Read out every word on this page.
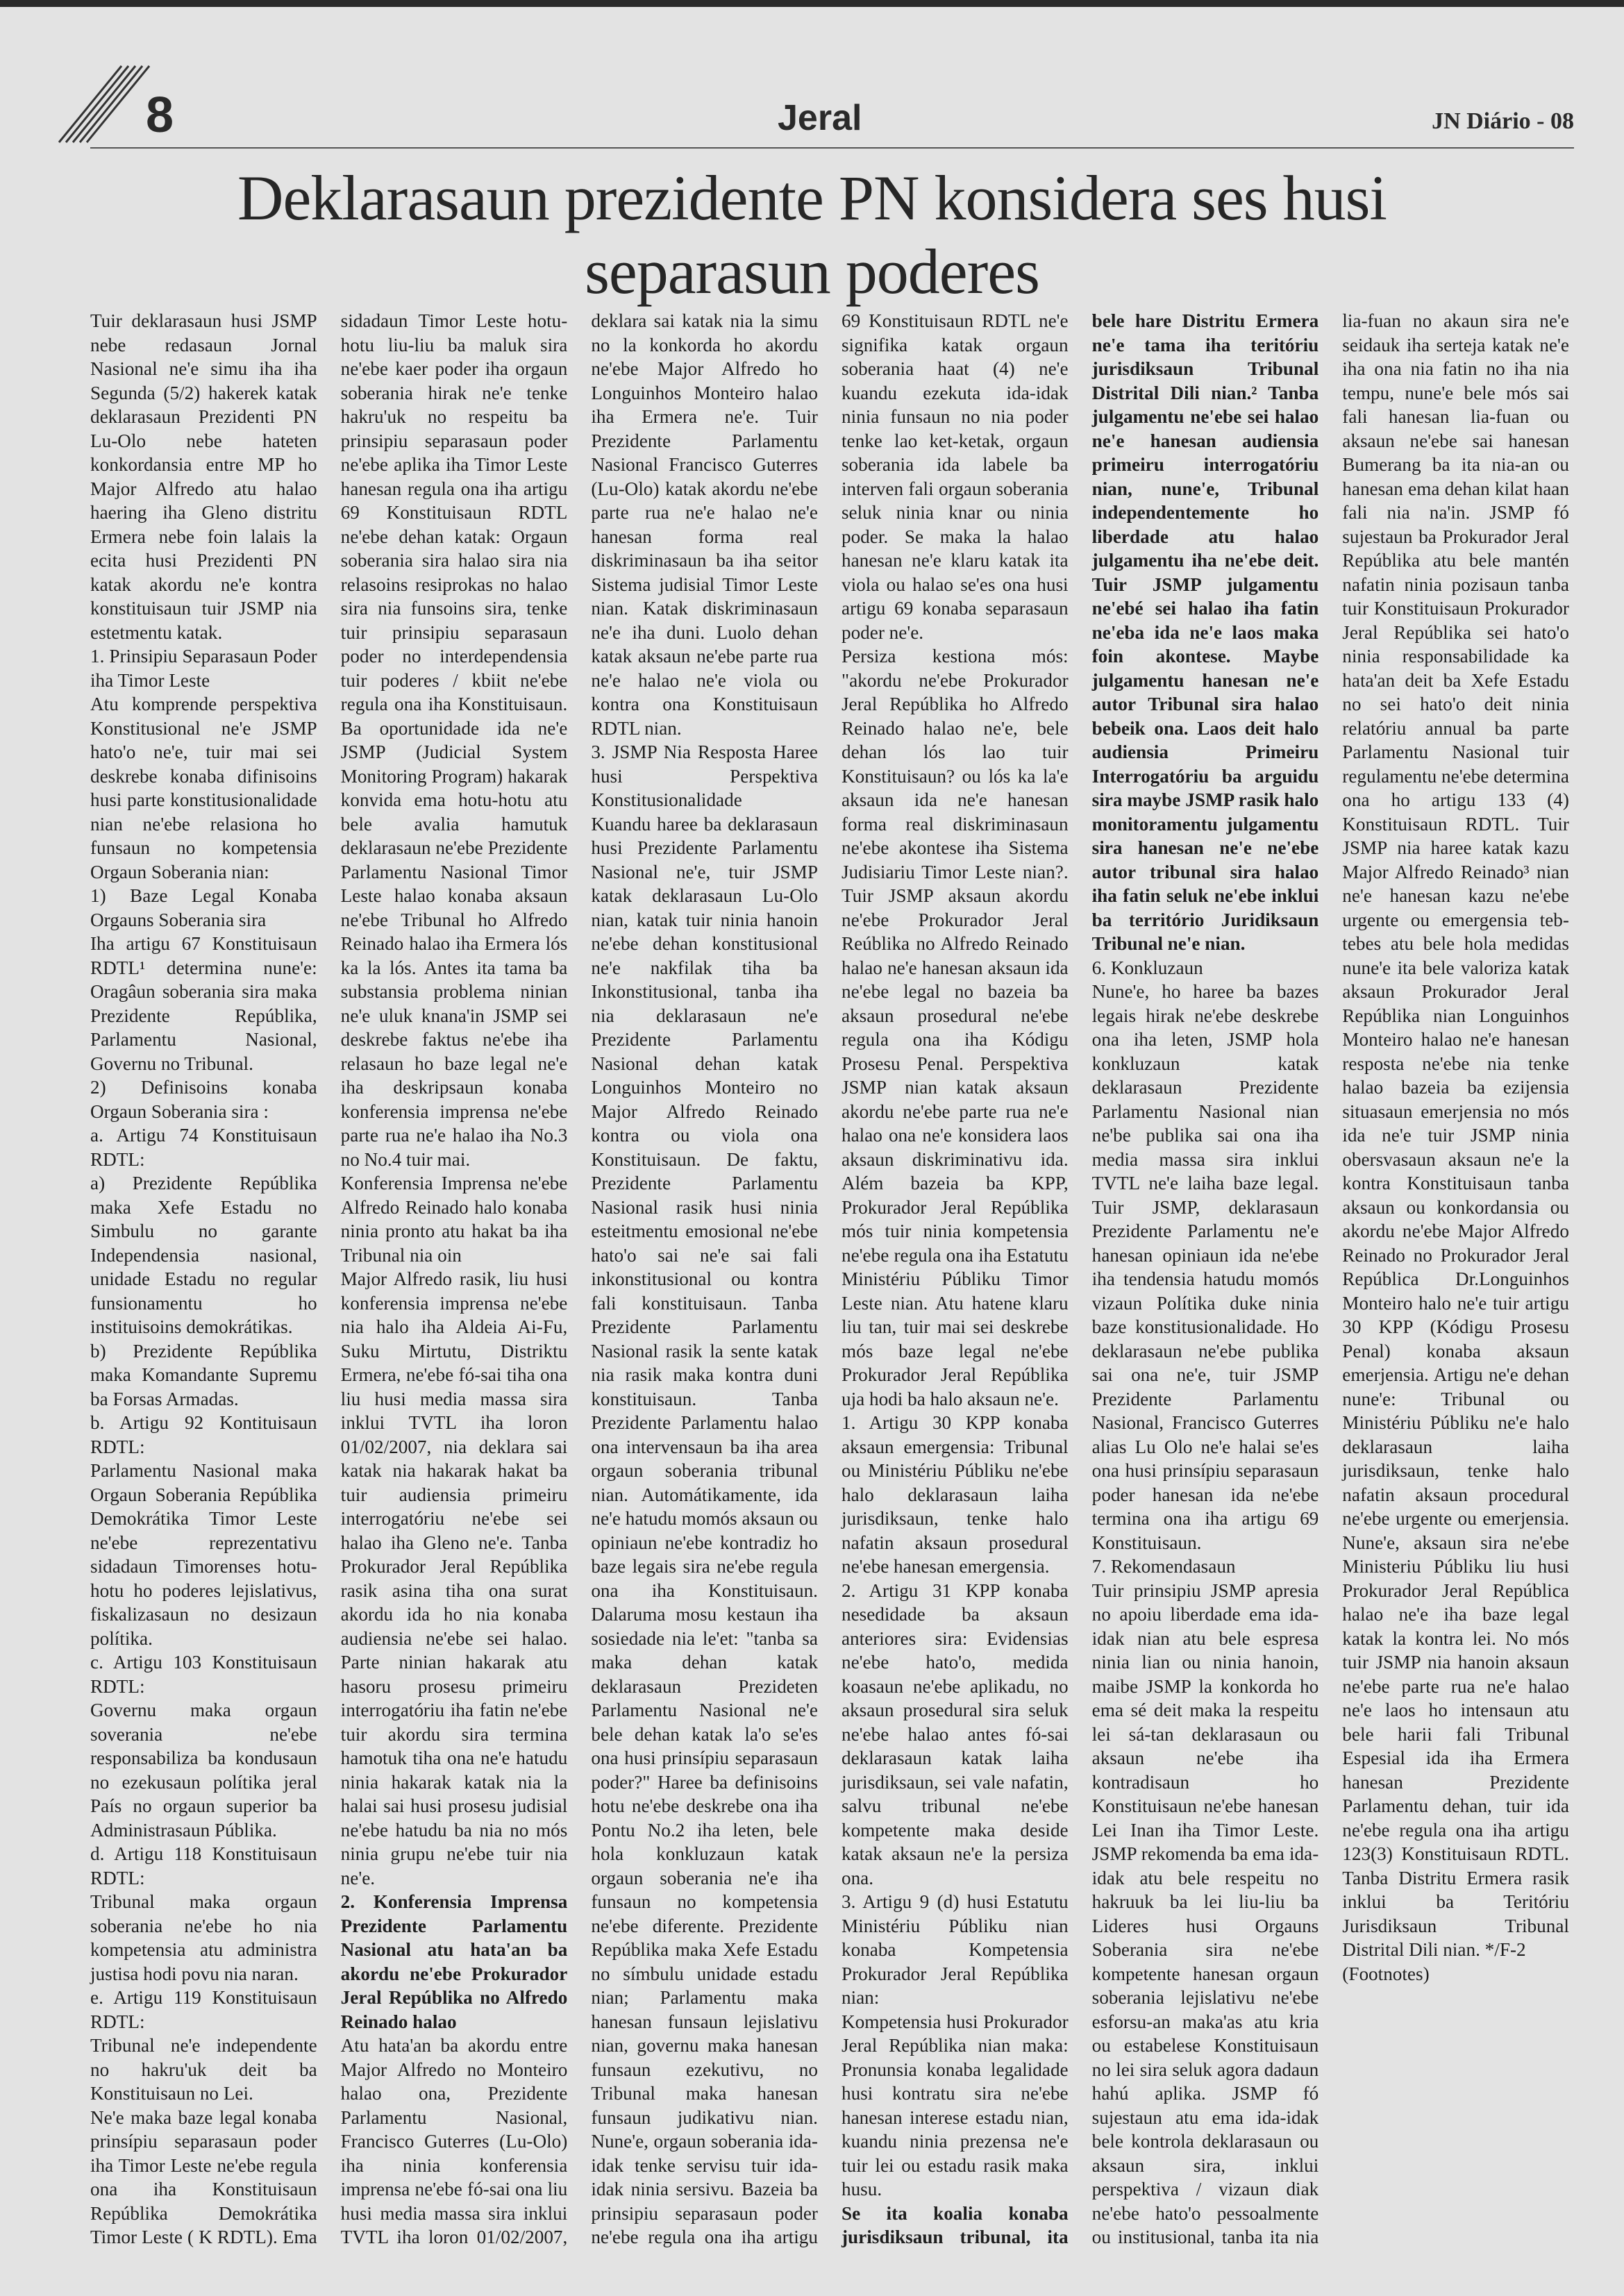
8	Jeral	JN Diário - 08
Deklarasaun prezidente PN konsidera ses husi separasun poderes

Tuir deklarasaun husi JSMP nebe redasaun Jornal Nasional ne'e simu iha iha Segunda (5/2) hakerek katak deklarasaun Prezidenti PN Lu-Olo nebe hateten konkordansia entre MP ho Major Alfredo atu halao haering iha Gleno distritu Ermera nebe foin lalais la ecita husi Prezidenti PN katak akordu ne'e kontra konstituisaun tuir JSMP nia estetmentu katak.

1. Prinsipiu Separasaun Poder iha Timor Leste

Atu komprende perspektiva Konstitusional ne'e JSMP hato'o ne'e, tuir mai sei deskrebe konaba difinisoins husi parte konstitusionalidade nian ne'ebe relasiona ho funsaun no kompetensia Orgaun Soberania nian:

1) Baze Legal Konaba Orgauns Soberania sira

Iha artigu 67 Konstituisaun RDTL¹ determina nune'e: Oragâun soberania sira maka Prezidente Repúblika, Parlamentu Nasional, Governu no Tribunal.

2) Definisoins konaba Orgaun Soberania sira :

a. Artigu 74 Konstituisaun RDTL:

a) Prezidente Repúblika maka Xefe Estadu no Simbulu no garante Independensia nasional, unidade Estadu no regular funsionamentu ho instituisoins demokrátikas.

b) Prezidente Repúblika maka Komandante Supremu ba Forsas Armadas.

b. Artigu 92 Kontituisaun RDTL:

Parlamentu Nasional maka Orgaun Soberania Repúblika Demokrátika Timor Leste ne'ebe reprezentativu sidadaun Timorenses hotu-hotu ho poderes lejislativus, fiskalizasaun no desizaun polítika.

c. Artigu 103 Konstituisaun RDTL:

Governu maka orgaun soverania ne'ebe responsabiliza ba kondusaun no ezekusaun polítika jeral País no orgaun superior ba Administrasaun Públika.

d. Artigu 118 Konstituisaun RDTL:

Tribunal maka orgaun soberania ne'ebe ho nia kompetensia atu administra justisa hodi povu nia naran.

e. Artigu 119 Konstituisaun RDTL:

Tribunal ne'e independente no hakru'uk deit ba Konstituisaun no Lei.

Ne'e maka baze legal konaba prinsípiu separasaun poder iha Timor Leste ne'ebe regula ona iha Konstituisaun Repúblika Demokrátika Timor Leste ( K RDTL). Ema sidadaun Timor Leste hotu-hotu liu-liu ba maluk sira ne'ebe kaer poder iha orgaun soberania hirak ne'e tenke hakru'uk no respeitu ba prinsipiu separasaun poder ne'ebe aplika iha Timor Leste hanesan regula ona iha artigu 69 Konstituisaun RDTL ne'ebe dehan katak: Orgaun soberania sira halao sira nia relasoins resiprokas no halao sira nia funsoins sira, tenke tuir prinsipiu separasaun poder no interdependensia tuir poderes / kbiit ne'ebe regula ona iha Konstituisaun. Ba oportunidade ida ne'e JSMP (Judicial System Monitoring Program) hakarak konvida ema hotu-hotu atu bele avalia hamutuk deklarasaun ne'ebe Prezidente Parlamentu Nasional Timor Leste halao konaba aksaun ne'ebe Tribunal ho Alfredo Reinado halao iha Ermera lós ka la lós. Antes ita tama ba substansia problema ninian ne'e uluk knana'in JSMP sei deskrebe faktus ne'ebe iha relasaun ho baze legal ne'e iha deskripsaun konaba konferensia imprensa ne'ebe parte rua ne'e halao iha No.3 no No.4 tuir mai.

Konferensia Imprensa ne'ebe Alfredo Reinado halo konaba ninia pronto atu hakat ba iha Tribunal nia oin

Major Alfredo rasik, liu husi konferensia imprensa ne'ebe nia halo iha Aldeia Ai-Fu, Suku Mirtutu, Distriktu Ermera, ne'ebe fó-sai tiha ona liu husi media massa sira inklui TVTL iha loron 01/02/2007, nia deklara sai katak nia hakarak hakat ba tuir audiensia primeiru interrogatóriu ne'ebe sei halao iha Gleno ne'e. Tanba Prokurador Jeral Repúblika rasik asina tiha ona surat akordu ida ho nia konaba audiensia ne'ebe sei halao. Parte ninian hakarak atu hasoru prosesu primeiru interrogatóriu iha fatin ne'ebe tuir akordu sira termina hamotuk tiha ona ne'e hatudu ninia hakarak katak nia la halai sai husi prosesu judisial ne'ebe hatudu ba nia no mós ninia grupu ne'ebe tuir nia ne'e.

2. Konferensia Imprensa Prezidente Parlamentu Nasional atu hata'an ba akordu ne'ebe Prokurador Jeral Repúblika no Alfredo Reinado halao

Atu hata'an ba akordu entre Major Alfredo no Monteiro halao ona, Prezidente Parlamentu Nasional, Francisco Guterres (Lu-Olo) iha ninia konferensia imprensa ne'ebe fó-sai ona liu husi media massa sira inklui TVTL iha loron 01/02/2007, deklara sai katak nia la simu no la konkorda ho akordu ne'ebe Major Alfredo ho Longuinhos Monteiro halao iha Ermera ne'e. Tuir Prezidente Parlamentu Nasional Francisco Guterres (Lu-Olo) katak akordu ne'ebe parte rua ne'e halao ne'e hanesan forma real diskriminasaun ba iha seitor Sistema judisial Timor Leste nian. Katak diskriminasaun ne'e iha duni. Luolo dehan katak aksaun ne'ebe parte rua ne'e halao ne'e viola ou kontra ona Konstituisaun RDTL nian.

3. JSMP Nia Resposta Haree husi Perspektiva Konstitusionalidade

Kuandu haree ba deklarasaun husi Prezidente Parlamentu Nasional ne'e, tuir JSMP katak deklarasaun Lu-Olo nian, katak tuir ninia hanoin ne'ebe dehan konstitusional ne'e nakfilak tiha ba Inkonstitusional, tanba iha nia deklarasaun ne'e Prezidente Parlamentu Nasional dehan katak Longuinhos Monteiro no Major Alfredo Reinado kontra ou viola ona Konstituisaun. De faktu, Prezidente Parlamentu Nasional rasik husi ninia esteitmentu emosional ne'ebe hato'o sai ne'e sai fali inkonstitusional ou kontra fali konstituisaun. Tanba Prezidente Parlamentu Nasional rasik la sente katak nia rasik maka kontra duni konstituisaun. Tanba Prezidente Parlamentu halao ona intervensaun ba iha area orgaun soberania tribunal nian. Automátikamente, ida ne'e hatudu momós aksaun ou opiniaun ne'ebe kontradiz ho baze legais sira ne'ebe regula ona iha Konstituisaun. Dalaruma mosu kestaun iha sosiedade nia le'et: "tanba sa maka dehan katak deklarasaun Prezideten Parlamentu Nasional ne'e bele dehan katak la'o se'es ona husi prinsípiu separasaun poder?" Haree ba definisoins hotu ne'ebe deskrebe ona iha Pontu No.2 iha leten, bele hola konkluzaun katak orgaun soberania ne'e iha funsaun no kompetensia ne'ebe diferente. Prezidente Repúblika maka Xefe Estadu no símbulu unidade estadu nian; Parlamentu maka hanesan funsaun lejislativu nian, governu maka hanesan funsaun ezekutivu, no Tribunal maka hanesan funsaun judikativu nian. Nune'e, orgaun soberania ida-idak tenke servisu tuir ida-idak ninia sersivu. Bazeia ba prinsipiu separasaun poder ne'ebe regula ona iha artigu 69 Konstituisaun RDTL ne'e signifika katak orgaun soberania haat (4) ne'e kuandu ezekuta ida-idak ninia funsaun no nia poder tenke lao ket-ketak, orgaun soberania ida labele ba interven fali orgaun soberania seluk ninia knar ou ninia poder. Se maka la halao hanesan ne'e klaru katak ita viola ou halao se'es ona husi artigu 69 konaba separasaun poder ne'e.

Persiza kestiona mós: "akordu ne'ebe Prokurador Jeral Repúblika ho Alfredo Reinado halao ne'e, bele dehan lós lao tuir Konstituisaun? ou lós ka la'e aksaun ida ne'e hanesan forma real diskriminasaun ne'ebe akontese iha Sistema Judisiariu Timor Leste nian?. Tuir JSMP aksaun akordu ne'ebe Prokurador Jeral Reúblika no Alfredo Reinado halao ne'e hanesan aksaun ida ne'ebe legal no bazeia ba aksaun prosedural ne'ebe regula ona iha Kódigu Prosesu Penal. Perspektiva JSMP nian katak aksaun akordu ne'ebe parte rua ne'e halao ona ne'e konsidera laos aksaun diskriminativu ida. Além bazeia ba KPP, Prokurador Jeral Repúblika mós tuir ninia kompetensia ne'ebe regula ona iha Estatutu Ministériu Públiku Timor Leste nian. Atu hatene klaru liu tan, tuir mai sei deskrebe mós baze legal ne'ebe Prokurador Jeral Repúblika uja hodi ba halo aksaun ne'e.

1. Artigu 30 KPP konaba aksaun emergensia: Tribunal ou Ministériu Públiku ne'ebe halo deklarasaun laiha jurisdiksaun, tenke halo nafatin aksaun prosedural ne'ebe hanesan emergensia.

2. Artigu 31 KPP konaba nesedidade ba aksaun anteriores sira: Evidensias ne'ebe hato'o, medida koasaun ne'ebe aplikadu, no aksaun prosedural sira seluk ne'ebe halao antes fó-sai deklarasaun katak laiha jurisdiksaun, sei vale nafatin, salvu tribunal ne'ebe kompetente maka deside katak aksaun ne'e la persiza ona.

3. Artigu 9 (d) husi Estatutu Ministériu Públiku nian konaba Kompetensia Prokurador Jeral Repúblika nian:

Kompetensia husi Prokurador Jeral Repúblika nian maka: Pronunsia konaba legalidade husi kontratu sira ne'ebe hanesan interese estadu nian, kuandu ninia prezensa ne'e tuir lei ou estadu rasik maka husu.

Se ita koalia konaba jurisdiksaun tribunal, ita bele hare Distritu Ermera ne'e tama iha teritóriu jurisdiksaun Tribunal Distrital Dili nian.² Tanba julgamentu ne'ebe sei halao ne'e hanesan audiensia primeiru interrogatóriu nian, nune'e, Tribunal independentemente ho liberdade atu halao julgamentu iha ne'ebe deit. Tuir JSMP julgamentu ne'ebé sei halao iha fatin ne'eba ida ne'e laos maka foin akontese. Maybe julgamentu hanesan ne'e autor Tribunal sira halao bebeik ona. Laos deit halo audiensia Primeiru Interrogatóriu ba arguidu sira maybe JSMP rasik halo monitoramentu julgamentu sira hanesan ne'e ne'ebe autor tribunal sira halao iha fatin seluk ne'ebe inklui ba território Juridiksaun Tribunal ne'e nian.

6. Konkluzaun

Nune'e, ho haree ba bazes legais hirak ne'ebe deskrebe ona iha leten, JSMP hola konkluzaun katak deklarasaun Prezidente Parlamentu Nasional nian ne'be publika sai ona iha media massa sira inklui TVTL ne'e laiha baze legal. Tuir JSMP, deklarasaun Prezidente Parlamentu ne'e hanesan opiniaun ida ne'ebe iha tendensia hatudu momós vizaun Polítika duke ninia baze konstitusionalidade. Ho deklarasaun ne'ebe publika sai ona ne'e, tuir JSMP Prezidente Parlamentu Nasional, Francisco Guterres alias Lu Olo ne'e halai se'es ona husi prinsípiu separasaun poder hanesan ida ne'ebe termina ona iha artigu 69 Konstituisaun.

7. Rekomendasaun

Tuir prinsipiu JSMP apresia no apoiu liberdade ema ida-idak nian atu bele espresa ninia lian ou ninia hanoin, maibe JSMP la konkorda ho ema sé deit maka la respeitu lei sá-tan deklarasaun ou aksaun ne'ebe iha kontradisaun ho Konstituisaun ne'ebe hanesan Lei Inan iha Timor Leste. JSMP rekomenda ba ema ida-idak atu bele respeitu no hakruuk ba lei liu-liu ba Lideres husi Orgauns Soberania sira ne'ebe kompetente hanesan orgaun soberania lejislativu ne'ebe esforsu-an maka'as atu kria ou estabelese Konstituisaun no lei sira seluk agora dadaun hahú aplika. JSMP fó sujestaun atu ema ida-idak bele kontrola deklarasaun ou aksaun sira, inklui perspektiva / vizaun diak ne'ebe hato'o pessoalmente ou institusional, tanba ita nia lia-fuan no akaun sira ne'e seidauk iha serteja katak ne'e iha ona nia fatin no iha nia tempu, nune'e bele mós sai fali hanesan lia-fuan ou aksaun ne'ebe sai hanesan Bumerang ba ita nia-an ou hanesan ema dehan kilat haan fali nia na'in. JSMP fó sujestaun ba Prokurador Jeral Repúblika atu bele mantén nafatin ninia pozisaun tanba tuir Konstituisaun Prokurador Jeral Repúblika sei hato'o ninia responsabilidade ka hata'an deit ba Xefe Estadu no sei hato'o deit ninia relatóriu annual ba parte Parlamentu Nasional tuir regulamentu ne'ebe determina ona ho artigu 133 (4) Konstituisaun RDTL. Tuir JSMP nia haree katak kazu Major Alfredo Reinado³ nian ne'e hanesan kazu ne'ebe urgente ou emergensia teb-tebes atu bele hola medidas nune'e ita bele valoriza katak aksaun Prokurador Jeral Repúblika nian Longuinhos Monteiro halao ne'e hanesan resposta ne'ebe nia tenke halao bazeia ba ezijensia situasaun emerjensia no mós ida ne'e tuir JSMP ninia obersvasaun aksaun ne'e la kontra Konstituisaun tanba aksaun ou konkordansia ou akordu ne'ebe Major Alfredo Reinado no Prokurador Jeral República Dr.Longuinhos Monteiro halo ne'e tuir artigu 30 KPP (Kódigu Prosesu Penal) konaba aksaun emerjensia. Artigu ne'e dehan nune'e: Tribunal ou Ministériu Públiku ne'e halo deklarasaun laiha jurisdiksaun, tenke halo nafatin aksaun procedural ne'ebe urgente ou emerjensia. Nune'e, aksaun sira ne'ebe Ministeriu Públiku liu husi Prokurador Jeral República halao ne'e iha baze legal katak la kontra lei. No mós tuir JSMP nia hanoin aksaun ne'ebe parte rua ne'e halao ne'e laos ho intensaun atu bele harii fali Tribunal Espesial ida iha Ermera hanesan Prezidente Parlamentu dehan, tuir ida ne'ebe regula ona iha artigu 123(3) Konstituisaun RDTL. Tanba Distritu Ermera rasik inklui ba Teritóriu Jurisdiksaun Tribunal Distrital Dili nian. */F-2

(Footnotes)
